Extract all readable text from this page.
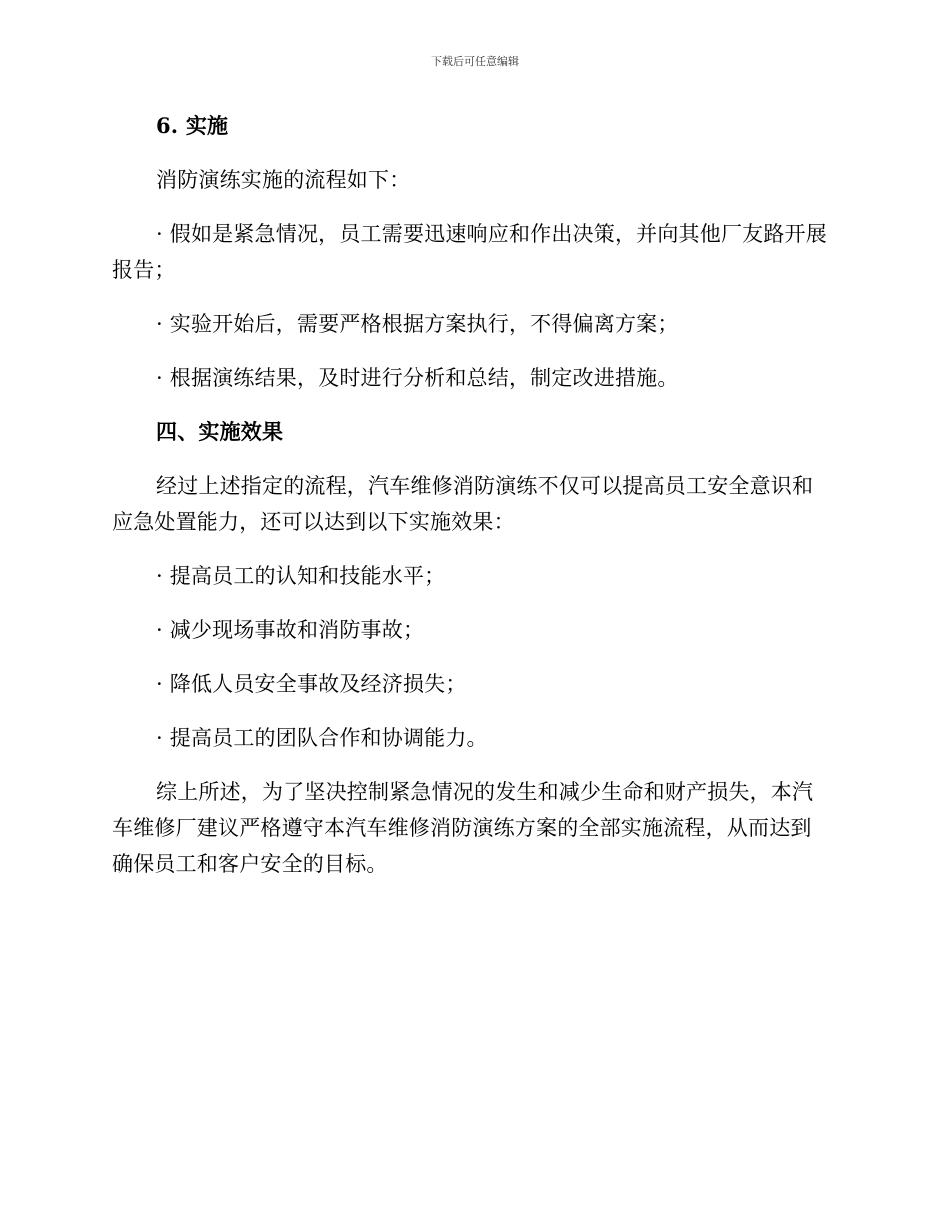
下载后可任意编辑

6. 实施

消防演练实施的流程如下：

· 假如是紧急情况，员工需要迅速响应和作出决策，并向其他厂友路开展报告；

· 实验开始后，需要严格根据方案执行，不得偏离方案；

· 根据演练结果，及时进行分析和总结，制定改进措施。

四、实施效果

经过上述指定的流程，汽车维修消防演练不仅可以提高员工安全意识和应急处置能力，还可以达到以下实施效果：

· 提高员工的认知和技能水平；

· 减少现场事故和消防事故；

· 降低人员安全事故及经济损失；

· 提高员工的团队合作和协调能力。

综上所述，为了坚决控制紧急情况的发生和减少生命和财产损失，本汽车维修厂建议严格遵守本汽车维修消防演练方案的全部实施流程，从而达到确保员工和客户安全的目标。
